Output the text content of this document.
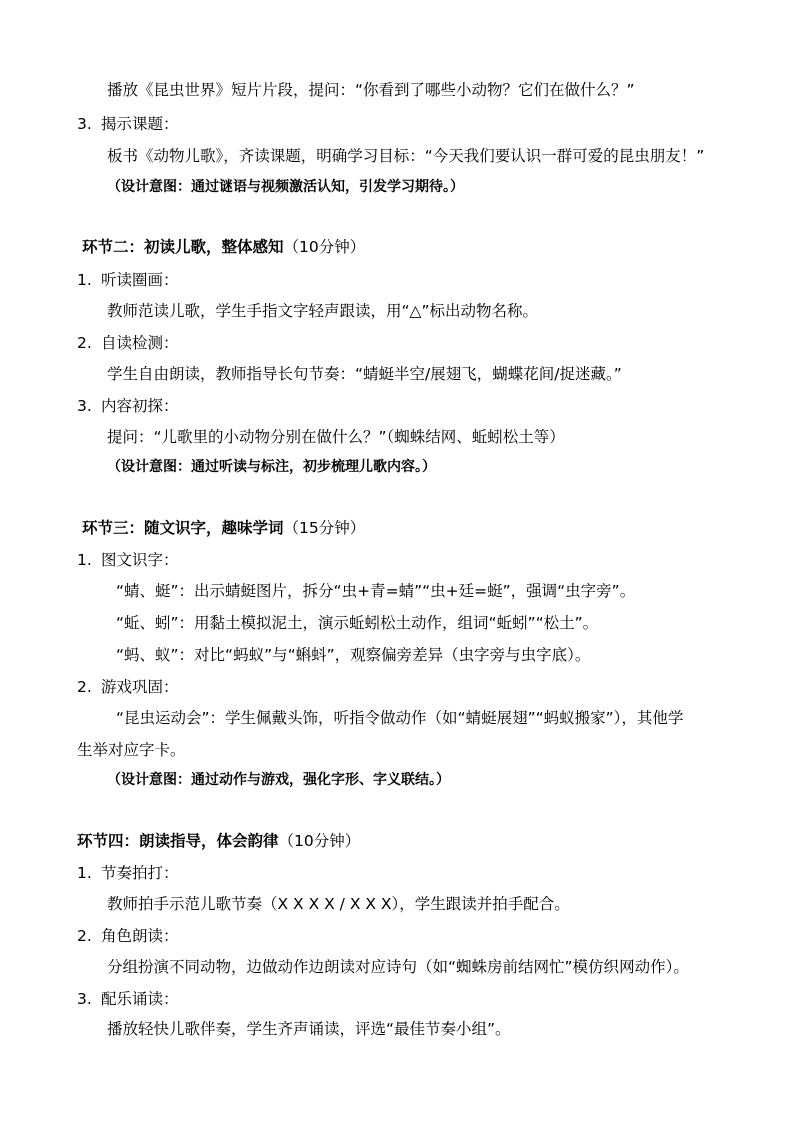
播放《昆虫世界》短片片段，提问：“你看到了哪些小动物？它们在做什么？”
3. 揭示课题：
板书《动物儿歌》，齐读课题，明确学习目标：“今天我们要认识一群可爱的昆虫朋友！”
（设计意图：通过谜语与视频激活认知，引发学习期待。）
环节二：初读儿歌，整体感知（10分钟）
1. 听读圈画：
教师范读儿歌，学生手指文字轻声跟读，用“△”标出动物名称。
2. 自读检测：
学生自由朗读，教师指导长句节奏：“蜻蜓半空/展翅飞，蝴蝶花间/捉迷藏。”
3. 内容初探：
提问：“儿歌里的小动物分别在做什么？”（蜘蛛结网、蚯蚓松土等）
（设计意图：通过听读与标注，初步梳理儿歌内容。）
环节三：随文识字，趣味学词（15分钟）
1. 图文识字：
“蜻、蜓”：出示蜻蜓图片，拆分“虫+青=蜻”“虫+廷=蜓”，强调“虫字旁”。
“蚯、蚓”：用黏土模拟泥土，演示蚯蚓松土动作，组词“蚯蚓”“松土”。
“蚂、蚁”：对比“蚂蚁”与“蝌蚪”，观察偏旁差异（虫字旁与虫字底）。
2. 游戏巩固：
“昆虫运动会”：学生佩戴头饰，听指令做动作（如“蜻蜓展翅”“蚂蚁搬家”），其他学
生举对应字卡。
（设计意图：通过动作与游戏，强化字形、字义联结。）
环节四：朗读指导，体会韵律（10分钟）
1. 节奏拍打：
教师拍手示范儿歌节奏（X X X X / X X X），学生跟读并拍手配合。
2. 角色朗读：
分组扮演不同动物，边做动作边朗读对应诗句（如“蜘蛛房前结网忙”模仿织网动作）。
3. 配乐诵读：
播放轻快儿歌伴奏，学生齐声诵读，评选“最佳节奏小组”。
